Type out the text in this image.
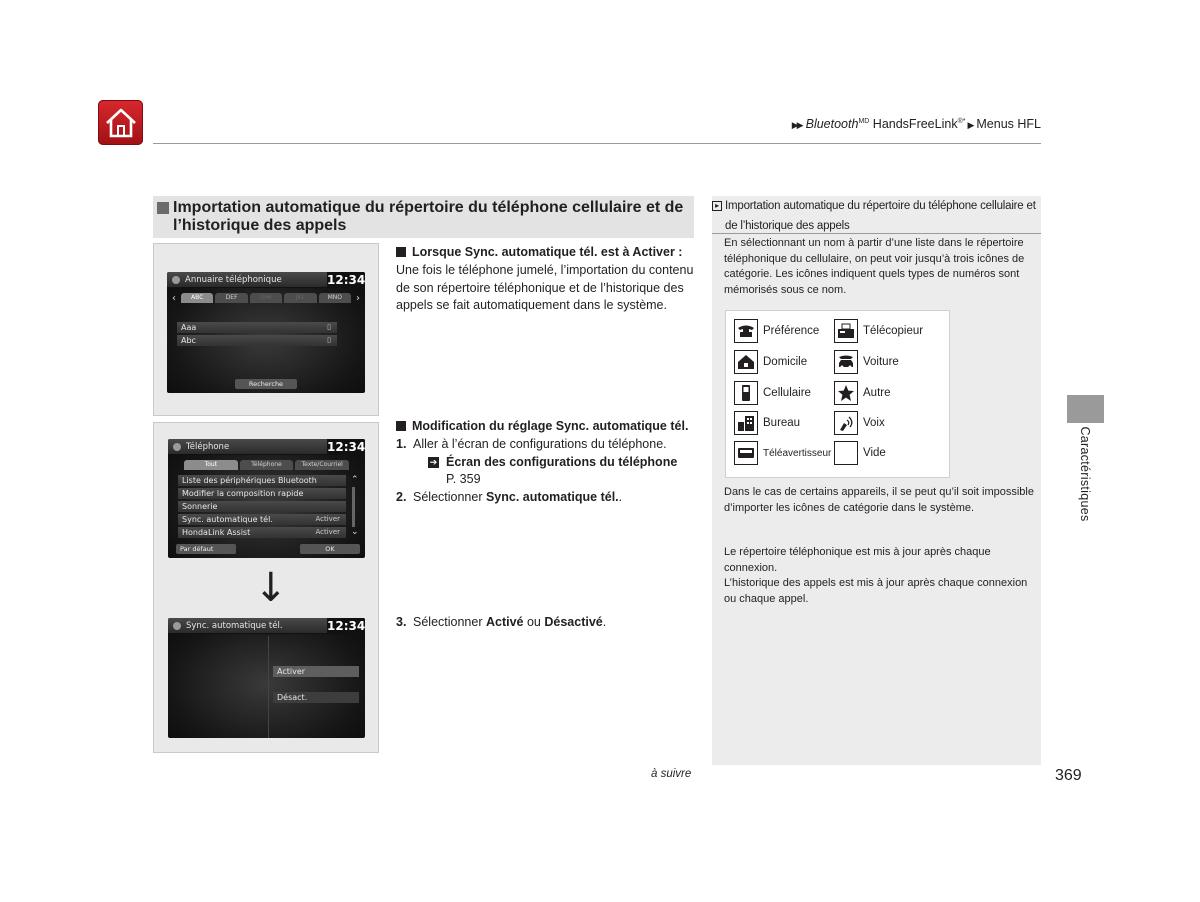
▶▶ Bluetooth$^{MD}$ HandsFreeLink®* ▶ Menus HFL
Importation automatique du répertoire du téléphone cellulaire et de l’historique des appels
Annuaire téléphonique	12:34
‹	ABC	DEF	GHI	JKL	MNO	›
Aaa	▯
Abc	▯
Recherche
Téléphone	12:34
Tout	Téléphone	Texte/Courriel
Liste des périphériques Bluetooth
Modifier la composition rapide
Sonnerie
Sync. automatique tél.	Activer
HondaLink Assist	Activer
⌃
⌄
Par défaut	OK
Sync. automatique tél.	12:34
Activer
Désact.
↓
Lorsque Sync. automatique tél. est à Activer :
Une fois le téléphone jumelé, l’importation du contenu de son répertoire téléphonique et de l’historique des appels se fait automatiquement dans le système.
Modification du réglage Sync. automatique tél.
1. Aller à l’écran de configurations du téléphone.
➔ Écran des configurations du téléphone
P. 359
2. Sélectionner Sync. automatique tél..
3. Sélectionner Activé ou Désactivé.
▸ Importation automatique du répertoire du téléphone cellulaire et de l’historique des appels
En sélectionnant un nom à partir d’une liste dans le répertoire téléphonique du cellulaire, on peut voir jusqu’à trois icônes de catégorie. Les icônes indiquent quels types de numéros sont mémorisés sous ce nom.
Préférence	Télécopieur
Domicile	Voiture
Cellulaire	Autre
Bureau	Voix
Téléavertisseur	Vide
Dans le cas de certains appareils, il se peut qu’il soit impossible d’importer les icônes de catégorie dans le système.
Le répertoire téléphonique est mis à jour après chaque connexion.
L’historique des appels est mis à jour après chaque connexion ou chaque appel.
Caractéristiques
à suivre	369
